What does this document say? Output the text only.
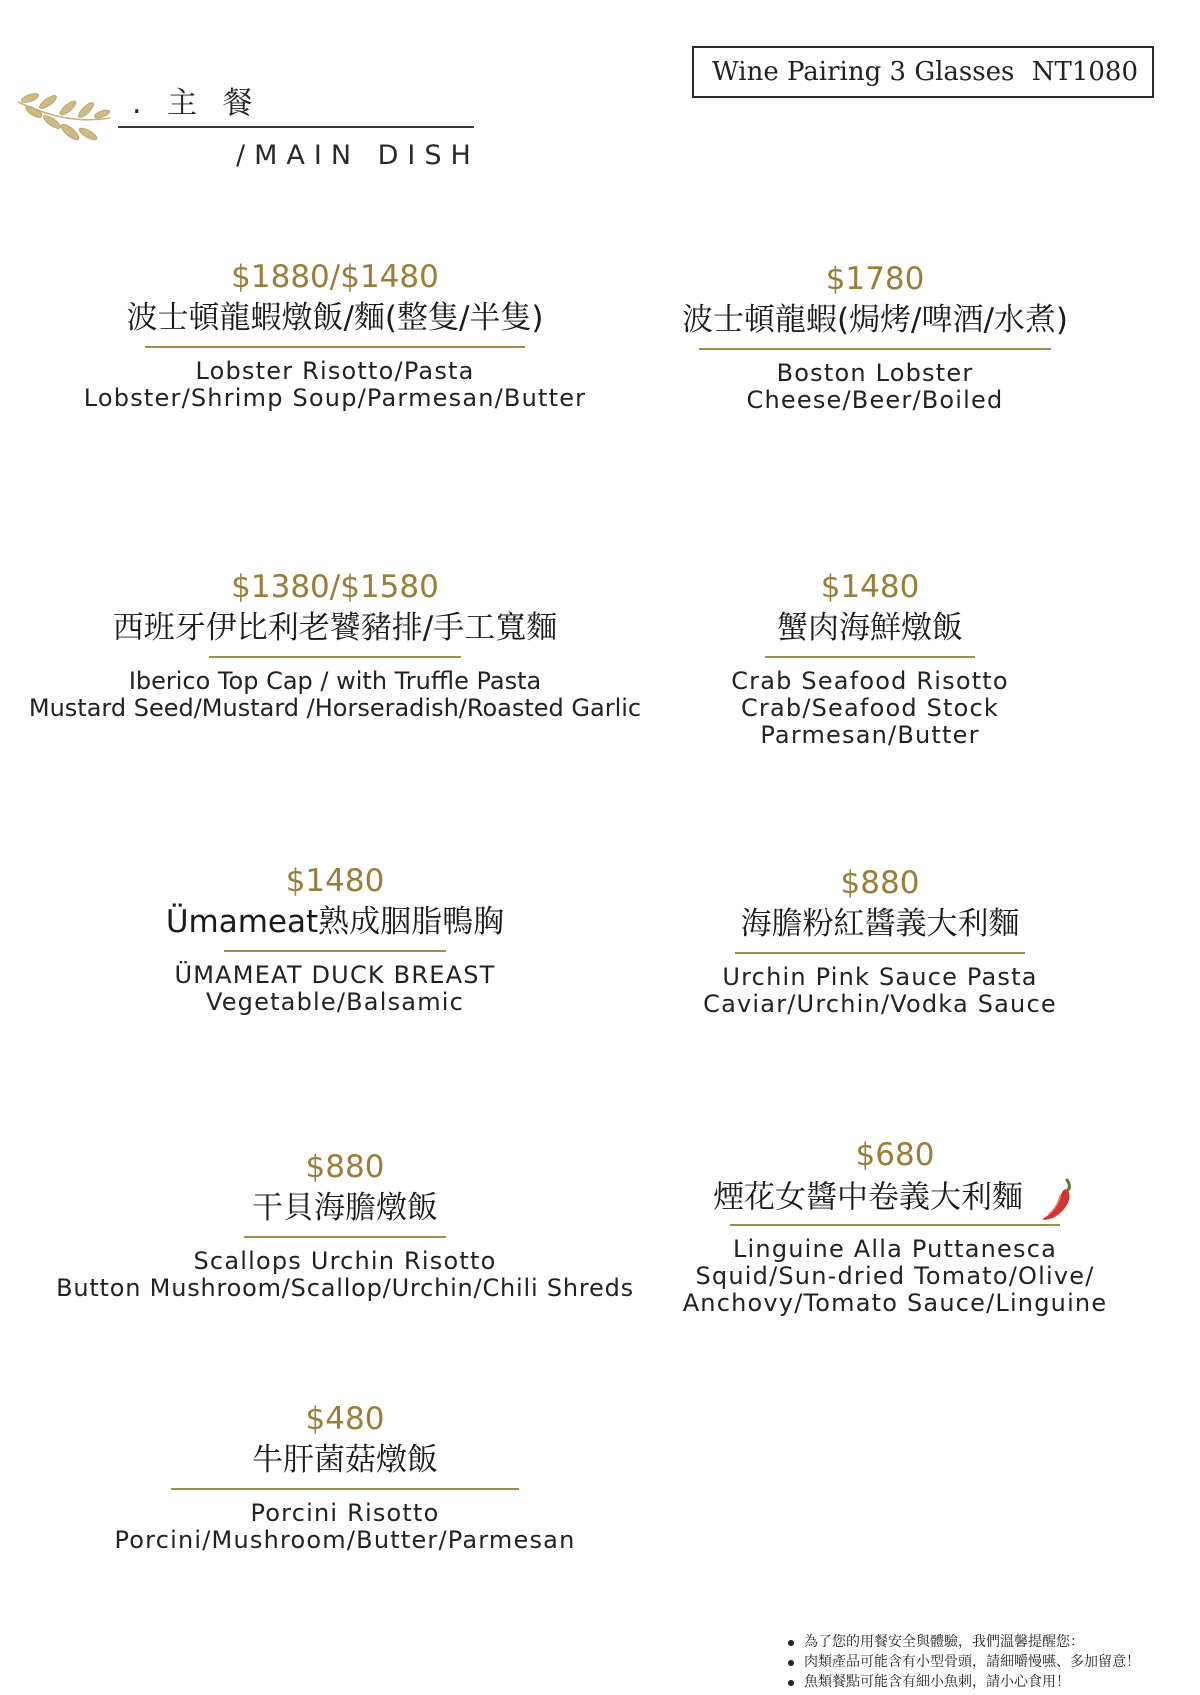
. 主 餐
/MAIN DISH
Wine Pairing 3 Glasses NT1080
$1880/$1480
波士頓龍蝦燉飯/麵(整隻/半隻)
Lobster Risotto/Pasta
Lobster/Shrimp Soup/Parmesan/Butter
$1780
波士頓龍蝦(焗烤/啤酒/水煮)
Boston Lobster
Cheese/Beer/Boiled
$1380/$1580
西班牙伊比利老饕豬排/手工寬麵
Iberico Top Cap / with Truffle Pasta
Mustard Seed/Mustard /Horseradish/Roasted Garlic
$1480
蟹肉海鮮燉飯
Crab Seafood Risotto
Crab/Seafood Stock
Parmesan/Butter
$1480
Ümameat熟成胭脂鴨胸
ÜMAMEAT DUCK BREAST
Vegetable/Balsamic
$880
海膽粉紅醬義大利麵
Urchin Pink Sauce Pasta
Caviar/Urchin/Vodka Sauce
$880
干貝海膽燉飯
Scallops Urchin Risotto
Button Mushroom/Scallop/Urchin/Chili Shreds
$680
煙花女醬中卷義大利麵
Linguine Alla Puttanesca
Squid/Sun-dried Tomato/Olive/
Anchovy/Tomato Sauce/Linguine
$480
牛肝菌菇燉飯
Porcini Risotto
Porcini/Mushroom/Butter/Parmesan
為了您的用餐安全與體驗，我們溫馨提醒您：
肉類產品可能含有小型骨頭，請細嚼慢嚥、多加留意！
魚類餐點可能含有細小魚刺，請小心食用！
